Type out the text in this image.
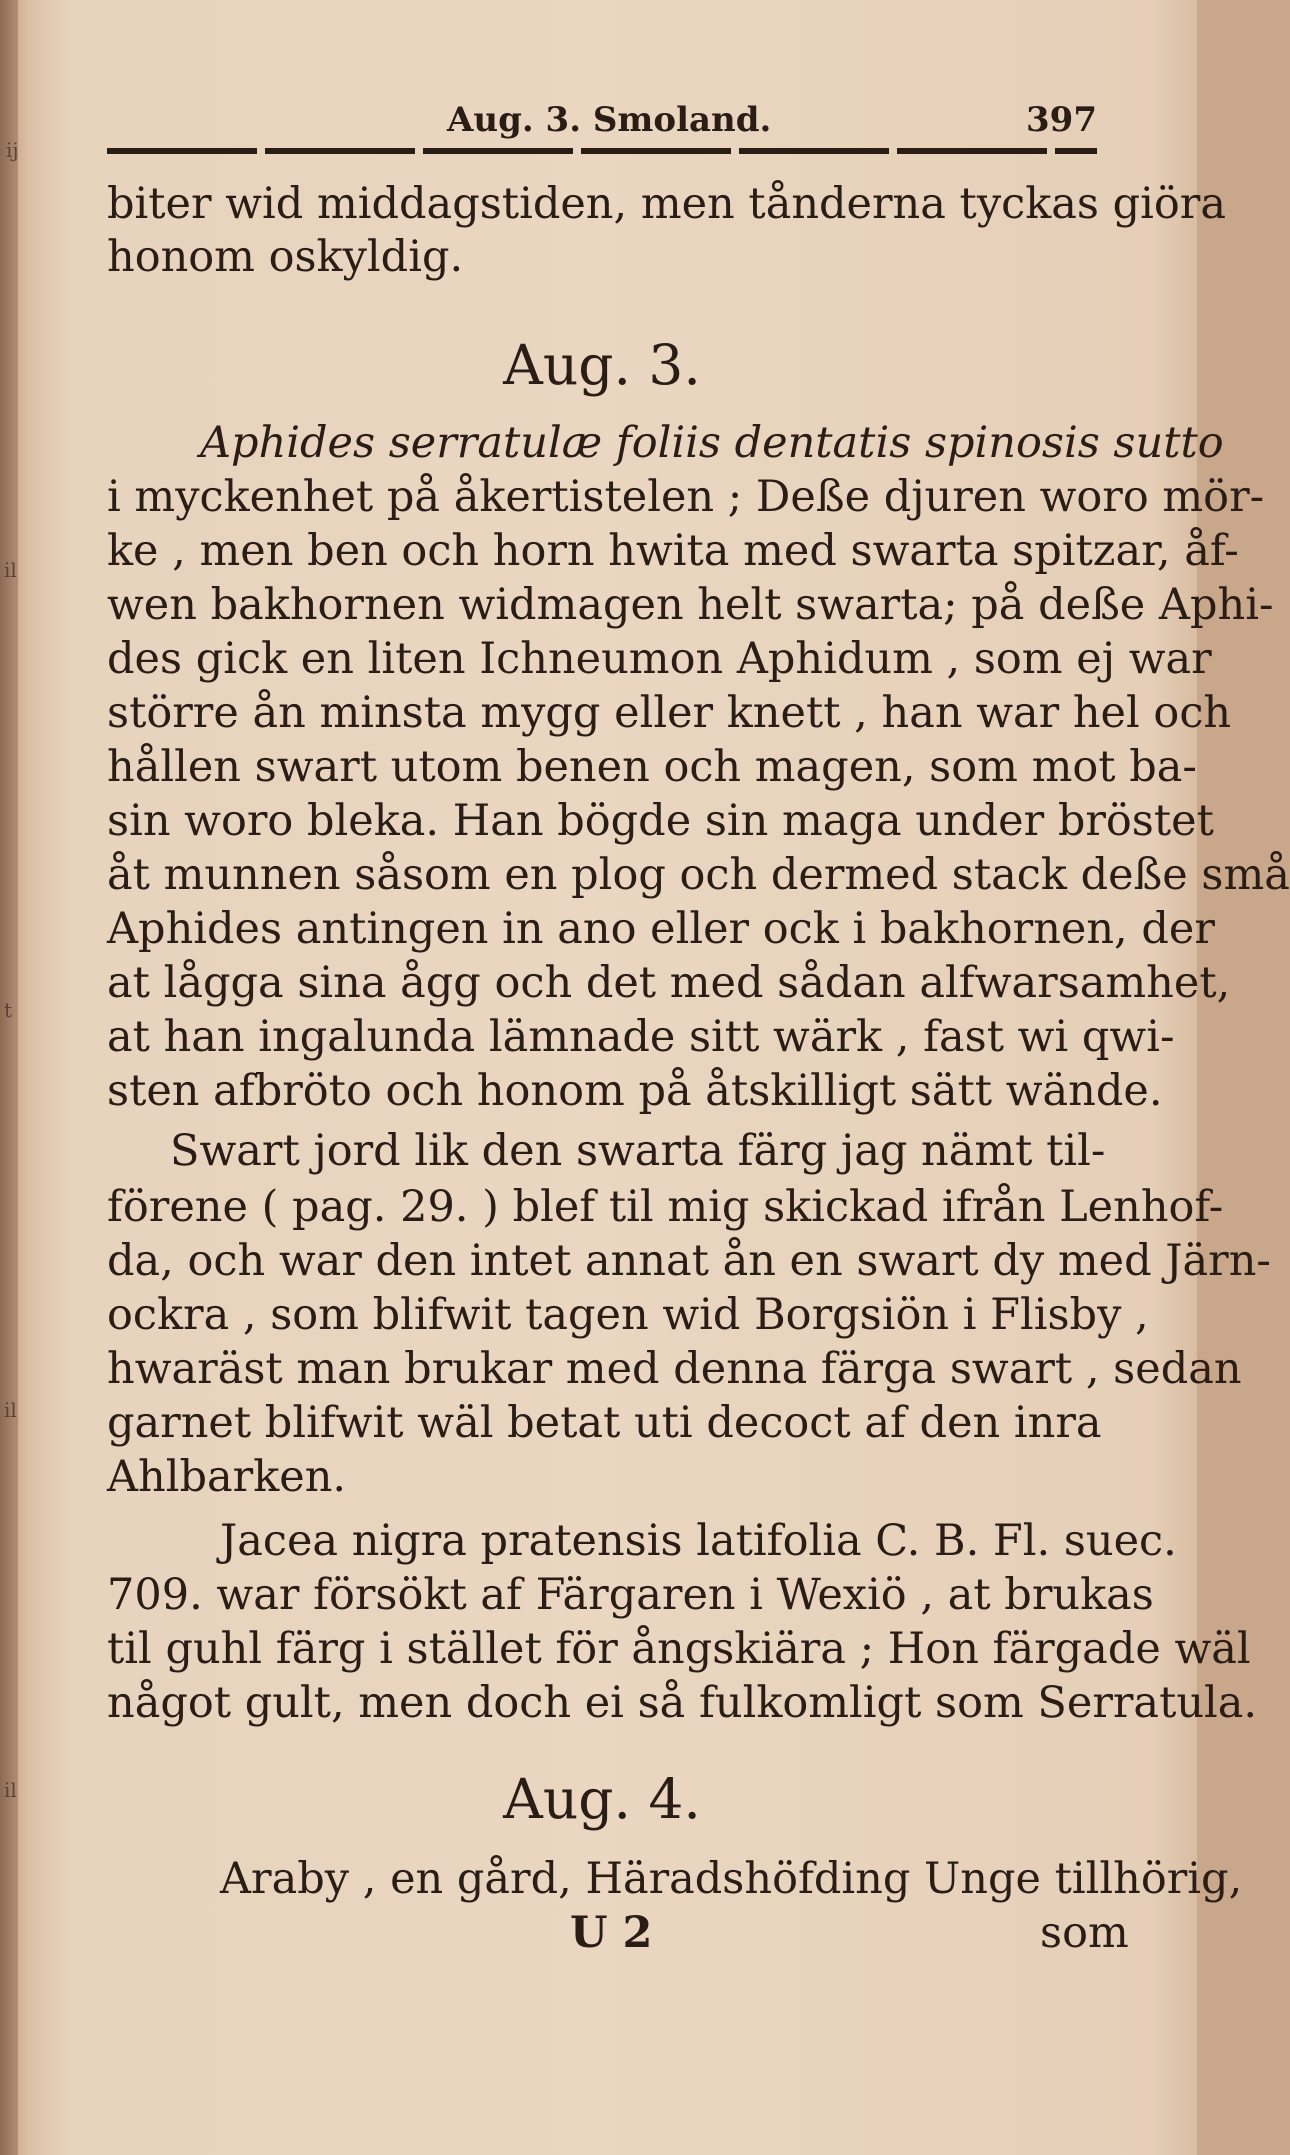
ij
il
t
il
il
Aug. 3. Smoland.	397

biter wid middagstiden, men tånderna tyckas giöra

honom oskyldig.

Aug. 3.

Aphides serratulæ foliis dentatis spinosis sutto

i myckenhet på åkertistelen ; Deße djuren woro mör-

ke , men ben och horn hwita med swarta spitzar, åf-

wen bakhornen widmagen helt swarta; på deße Aphi-

des gick en liten Ichneumon Aphidum , som ej war

större ån minsta mygg eller knett , han war hel och

hållen swart utom benen och magen, som mot ba-

sin woro bleka. Han bögde sin maga under bröstet

åt munnen såsom en plog och dermed stack deße små

Aphides antingen in ano eller ock i bakhornen, der

at lågga sina ågg och det med sådan alfwarsamhet,

at han ingalunda lämnade sitt wärk , fast wi qwi-

sten afbröto och honom på åtskilligt sätt wände.

Swart jord lik den swarta färg jag nämt til-

förene ( pag. 29. ) blef til mig skickad ifrån Lenhof-

da, och war den intet annat ån en swart dy med Järn-

ockra , som blifwit tagen wid Borgsiön i Flisby ,

hwaräst man brukar med denna färga swart , sedan

garnet blifwit wäl betat uti decoct af den inra

Ahlbarken.

Jacea nigra pratensis latifolia C. B. Fl. suec.

709. war försökt af Färgaren i Wexiö , at brukas

til guhl färg i stället för ångskiära ; Hon färgade wäl

något gult, men doch ei så fulkomligt som Serratula.

Aug. 4.

Araby , en gård, Häradshöfding Unge tillhörig,

U 2	som
